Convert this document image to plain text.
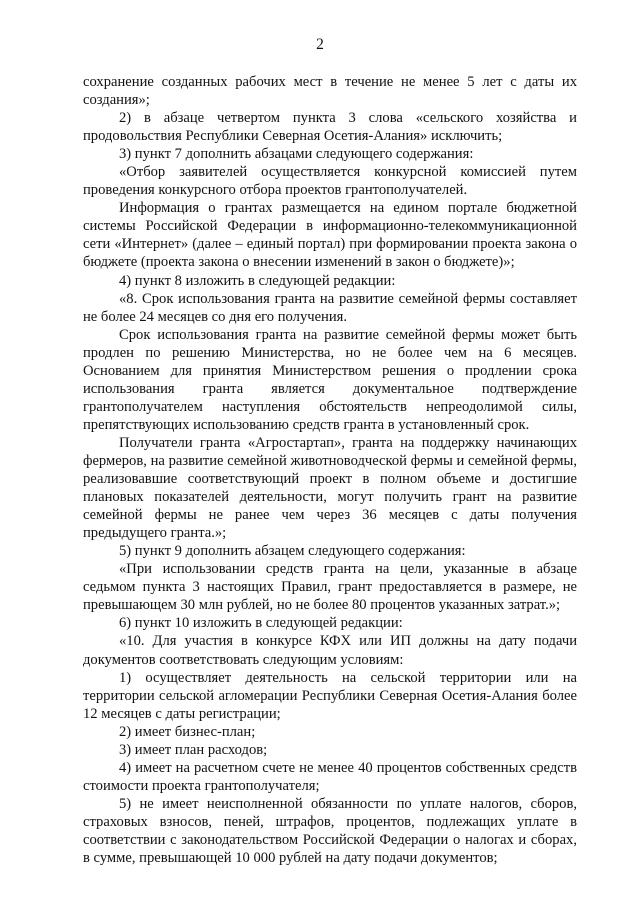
2

сохранение созданных рабочих мест в течение не менее 5 лет с даты их создания»;

2) в абзаце четвертом пункта 3 слова «сельского хозяйства и продовольствия Республики Северная Осетия-Алания» исключить;

3) пункт 7 дополнить абзацами следующего содержания:

«Отбор заявителей осуществляется конкурсной комиссией путем проведения конкурсного отбора проектов грантополучателей.

Информация о грантах размещается на едином портале бюджетной системы Российской Федерации в информационно-телекоммуникационной сети «Интернет» (далее – единый портал) при формировании проекта закона о бюджете (проекта закона о внесении изменений в закон о бюджете)»;

4) пункт 8 изложить в следующей редакции:

«8. Срок использования гранта на развитие семейной фермы составляет не более 24 месяцев со дня его получения.

Срок использования гранта на развитие семейной фермы может быть продлен по решению Министерства, но не более чем на 6 месяцев. Основанием для принятия Министерством решения о продлении срока использования гранта является документальное подтверждение грантополучателем наступления обстоятельств непреодолимой силы, препятствующих использованию средств гранта в установленный срок.

Получатели гранта «Агростартап», гранта на поддержку начинающих фермеров, на развитие семейной животноводческой фермы и семейной фермы, реализовавшие соответствующий проект в полном объеме и достигшие плановых показателей деятельности, могут получить грант на развитие семейной фермы не ранее чем через 36 месяцев с даты получения предыдущего гранта.»;

5) пункт 9 дополнить абзацем следующего содержания:

«При использовании средств гранта на цели, указанные в абзаце седьмом пункта 3 настоящих Правил, грант предоставляется в размере, не превышающем 30 млн рублей, но не более 80 процентов указанных затрат.»;

6) пункт 10 изложить в следующей редакции:

«10. Для участия в конкурсе КФХ или ИП должны на дату подачи документов соответствовать следующим условиям:

1) осуществляет деятельность на сельской территории или на территории сельской агломерации Республики Северная Осетия-Алания более 12 месяцев с даты регистрации;

2) имеет бизнес-план;

3) имеет план расходов;

4) имеет на расчетном счете не менее 40 процентов собственных средств стоимости проекта грантополучателя;

5) не имеет неисполненной обязанности по уплате налогов, сборов, страховых взносов, пеней, штрафов, процентов, подлежащих уплате в соответствии с законодательством Российской Федерации о налогах и сборах, в сумме, превышающей 10 000 рублей на дату подачи документов;
